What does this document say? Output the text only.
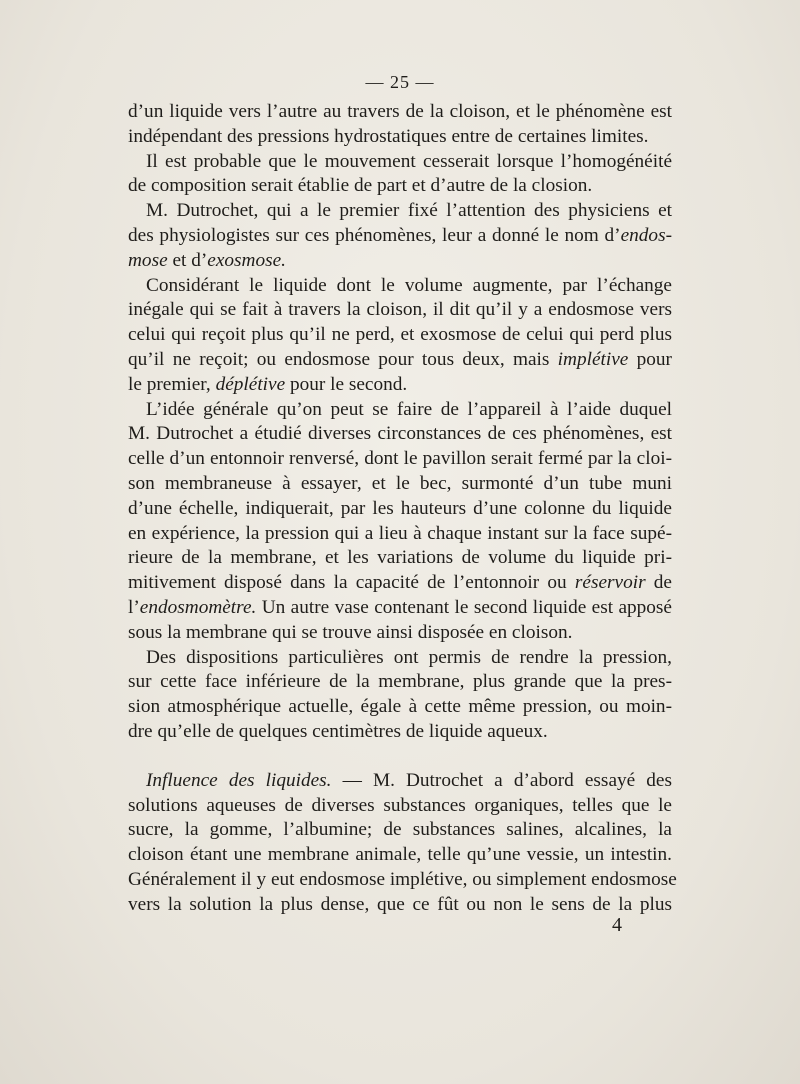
— 25 —
d’un liquide vers l’autre au travers de la cloison, et le phénomène est
indépendant des pressions hydrostatiques entre de certaines limites.
Il est probable que le mouvement cesserait lorsque l’homogénéité
de composition serait établie de part et d’autre de la closion.
M. Dutrochet, qui a le premier fixé l’attention des physiciens et
des physiologistes sur ces phénomènes, leur a donné le nom d’endos-
mose et d’exosmose.
Considérant le liquide dont le volume augmente, par l’échange
inégale qui se fait à travers la cloison, il dit qu’il y a endosmose vers
celui qui reçoit plus qu’il ne perd, et exosmose de celui qui perd plus
qu’il ne reçoit; ou endosmose pour tous deux, mais implétive pour
le premier, déplétive pour le second.
L’idée générale qu’on peut se faire de l’appareil à l’aide duquel
M. Dutrochet a étudié diverses circonstances de ces phénomènes, est
celle d’un entonnoir renversé, dont le pavillon serait fermé par la cloi-
son membraneuse à essayer, et le bec, surmonté d’un tube muni
d’une échelle, indiquerait, par les hauteurs d’une colonne du liquide
en expérience, la pression qui a lieu à chaque instant sur la face supé-
rieure de la membrane, et les variations de volume du liquide pri-
mitivement disposé dans la capacité de l’entonnoir ou réservoir de
l’endosmomètre. Un autre vase contenant le second liquide est apposé
sous la membrane qui se trouve ainsi disposée en cloison.
Des dispositions particulières ont permis de rendre la pression,
sur cette face inférieure de la membrane, plus grande que la pres-
sion atmosphérique actuelle, égale à cette même pression, ou moin-
dre qu’elle de quelques centimètres de liquide aqueux.
Influence des liquides. — M. Dutrochet a d’abord essayé des
solutions aqueuses de diverses substances organiques, telles que le
sucre, la gomme, l’albumine; de substances salines, alcalines, la
cloison étant une membrane animale, telle qu’une vessie, un intestin.
Généralement il y eut endosmose implétive, ou simplement endosmose
vers la solution la plus dense, que ce fût ou non le sens de la plus
4
